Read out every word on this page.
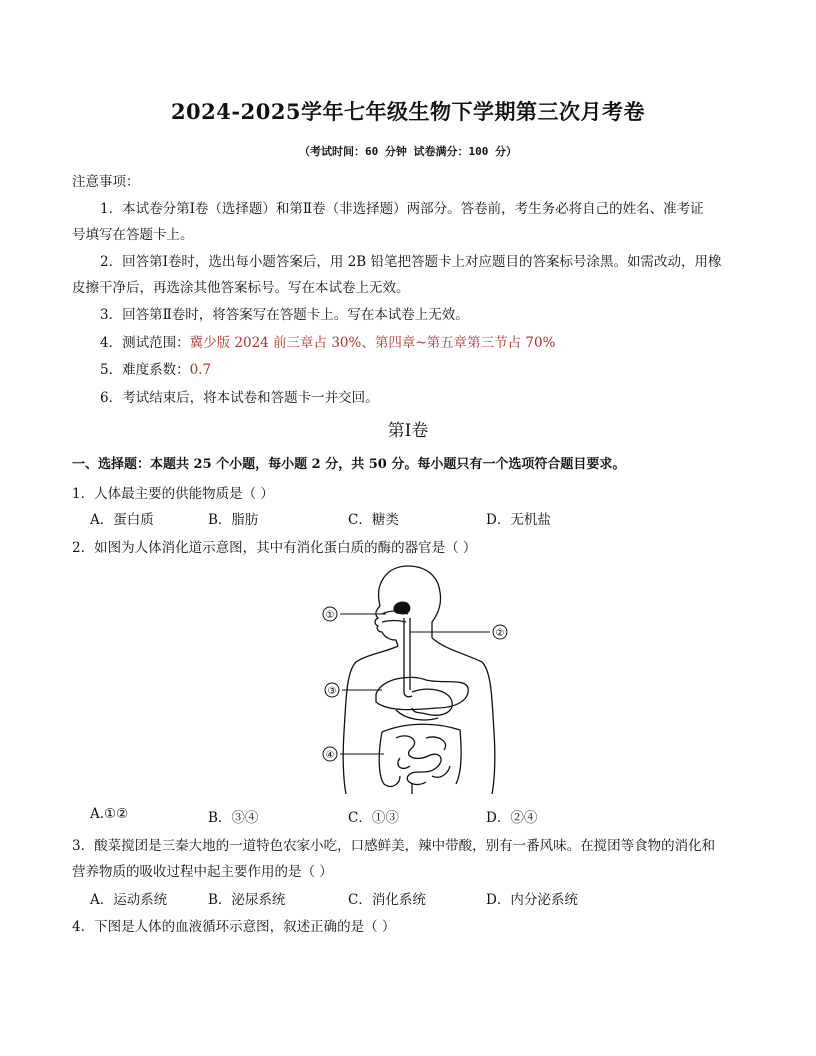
2024-2025学年七年级生物下学期第三次月考卷
（考试时间：60 分钟 试卷满分：100 分）
注意事项：
1．本试卷分第Ⅰ卷（选择题）和第Ⅱ卷（非选择题）两部分。答卷前，考生务必将自己的姓名、准考证
号填写在答题卡上。
2．回答第Ⅰ卷时，选出每小题答案后，用 2B 铅笔把答题卡上对应题目的答案标号涂黑。如需改动，用橡
皮擦干净后，再选涂其他答案标号。写在本试卷上无效。
3．回答第Ⅱ卷时，将答案写在答题卡上。写在本试卷上无效。
4．测试范围：冀少版 2024 前三章占 30%、第四章~第五章第三节占 70%
5．难度系数：0.7
6．考试结束后，将本试卷和答题卡一并交回。
第Ⅰ卷
一、选择题：本题共 25 个小题，每小题 2 分，共 50 分。每小题只有一个选项符合题目要求。
1．人体最主要的供能物质是（ ）
A．蛋白质	B．脂肪	C．糖类	D．无机盐
2．如图为人体消化道示意图，其中有消化蛋白质的酶的器官是（ ）
①
②
③
④
A.①②	B．③④	C．①③	D．②④
3．酸菜搅团是三秦大地的一道特色农家小吃，口感鲜美，辣中带酸，别有一番风味。在搅团等食物的消化和
营养物质的吸收过程中起主要作用的是（ ）
A．运动系统	B．泌尿系统	C．消化系统	D．内分泌系统
4．下图是人体的血液循环示意图，叙述正确的是（ ）
